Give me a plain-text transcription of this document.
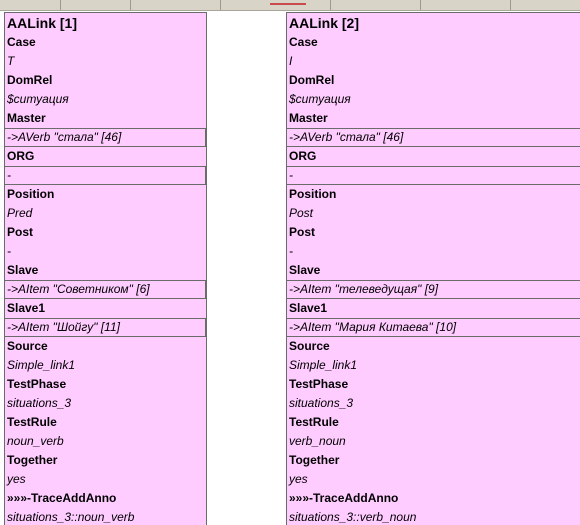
AALink [1]
Case
T
DomRel
$ситуация
Master
->AVerb "стала" [46]
ORG
-
Position
Pred
Post
-
Slave
->AItem "Советником" [6]
Slave1
->AItem "Шойгу" [11]
Source
Simple_link1
TestPhase
situations_3
TestRule
noun_verb
Together
yes
»»»-TraceAddAnno
situations_3::noun_verb
AALink [2]
Case
I
DomRel
$ситуация
Master
->AVerb "стала" [46]
ORG
-
Position
Post
Post
-
Slave
->AItem "телеведущая" [9]
Slave1
->AItem "Мария Китаева" [10]
Source
Simple_link1
TestPhase
situations_3
TestRule
verb_noun
Together
yes
»»»-TraceAddAnno
situations_3::verb_noun
